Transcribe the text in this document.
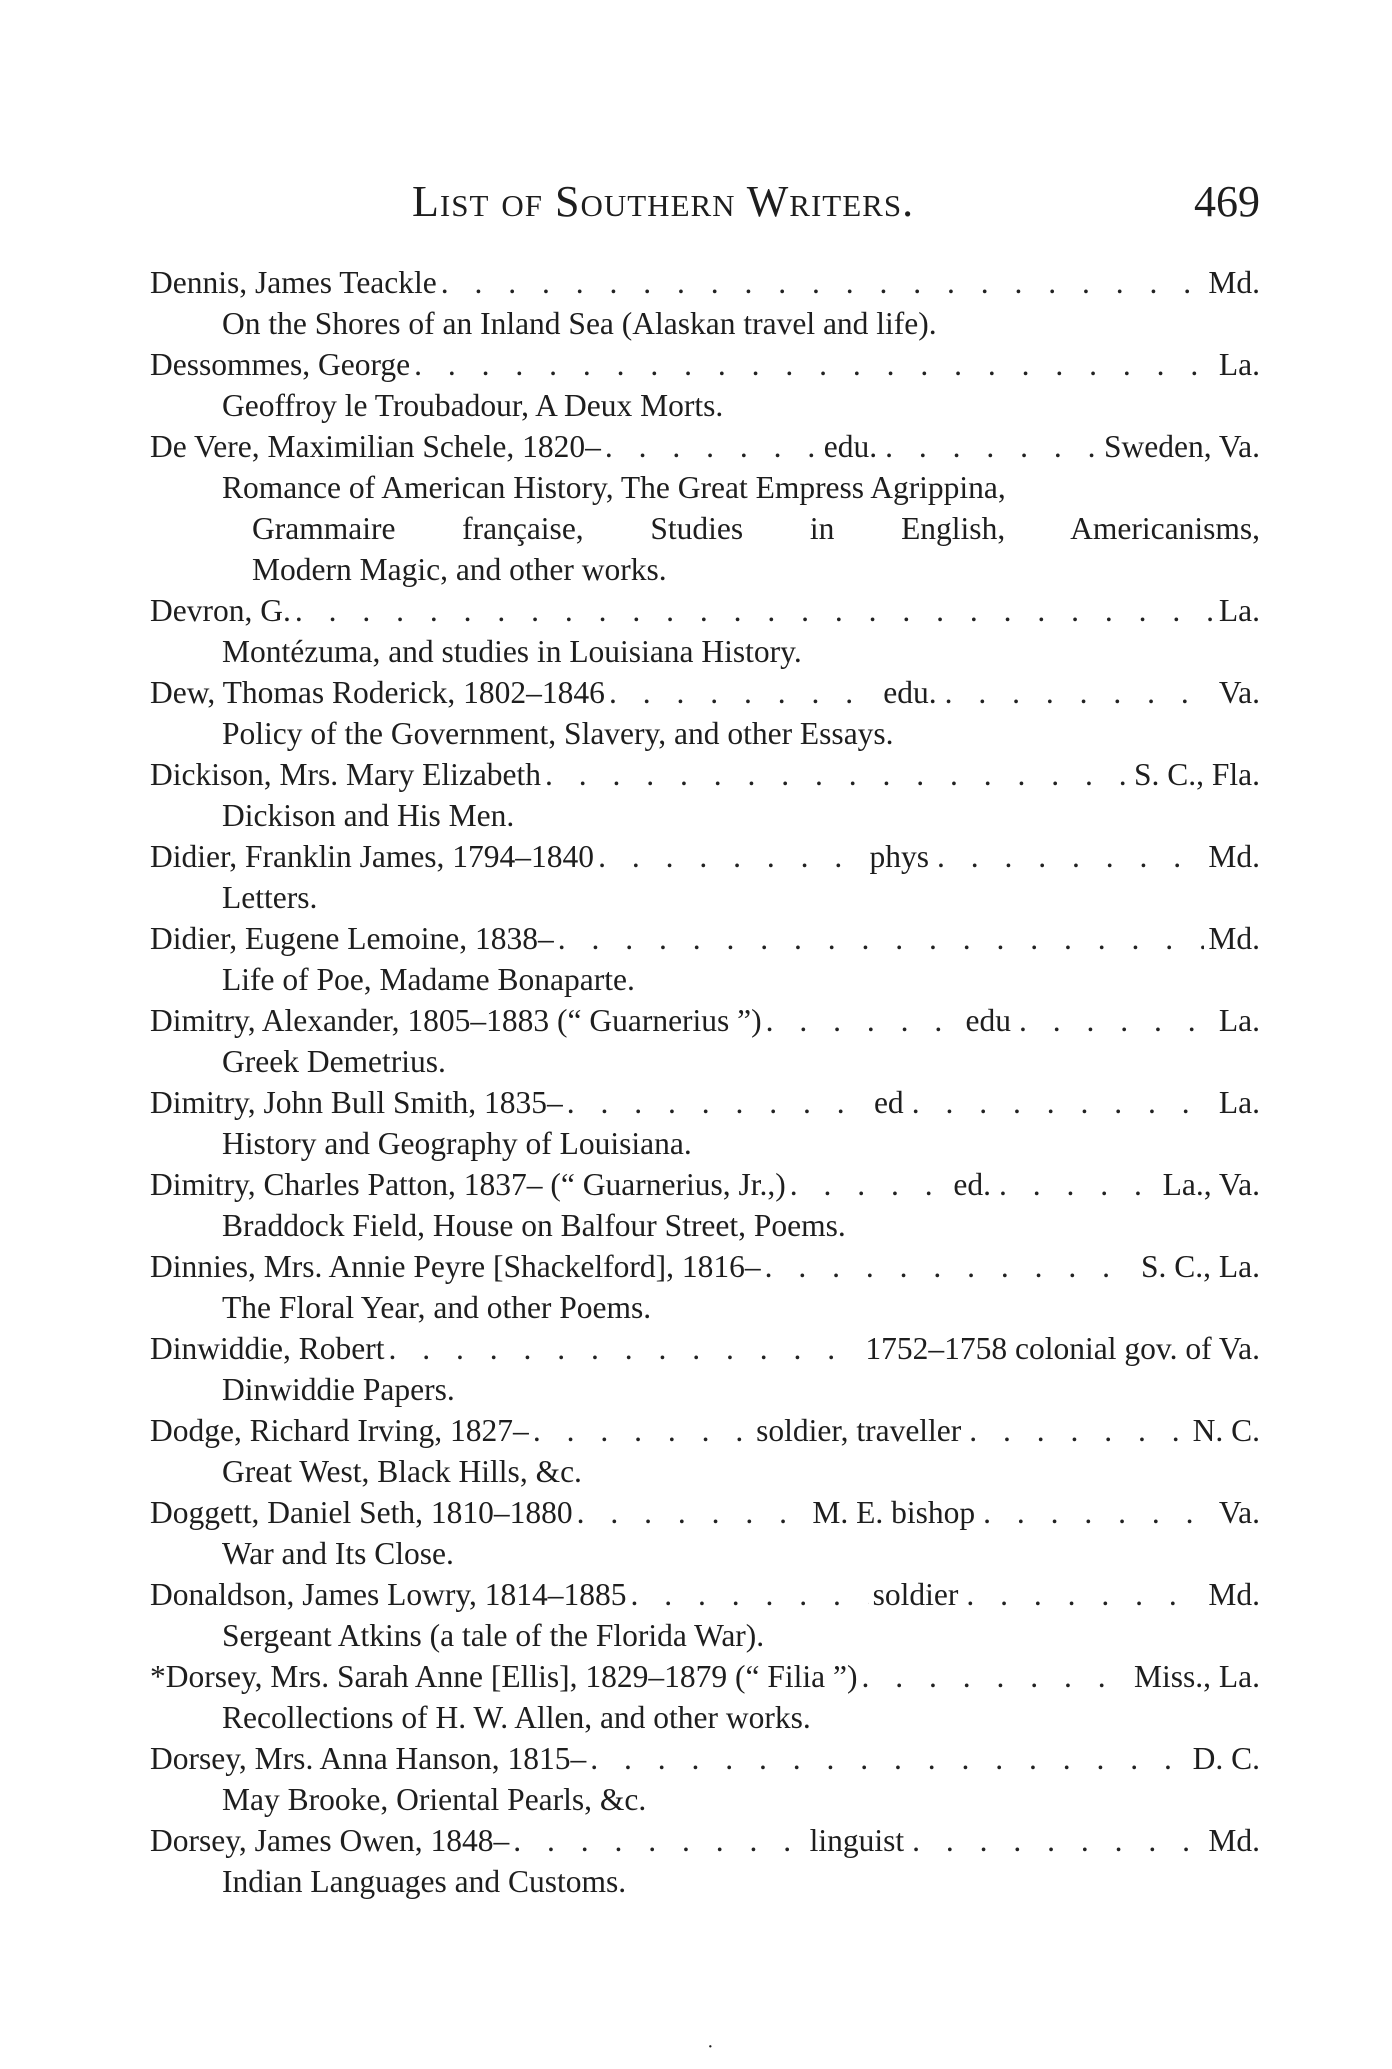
List of Southern Writers.	469
Dennis, James Teackle . . .	Md.
On the Shores of an Inland Sea (Alaskan travel and life).
Dessommes, George . . .	La.
Geoffroy le Troubadour, A Deux Morts.
De Vere, Maximilian Schele, 1820– . . .	edu. . . .	Sweden, Va.
Romance of American History, The Great Empress Agrippina,
Grammaire française, Studies in English, Americanisms,
Modern Magic, and other works.
Devron, G. . . .	La.
Montézuma, and studies in Louisiana History.
Dew, Thomas Roderick, 1802–1846 . . .	edu. . . .	Va.
Policy of the Government, Slavery, and other Essays.
Dickison, Mrs. Mary Elizabeth . . .	S. C., Fla.
Dickison and His Men.
Didier, Franklin James, 1794–1840 . . .	phys . . .	Md.
Letters.
Didier, Eugene Lemoine, 1838– . . .	Md.
Life of Poe, Madame Bonaparte.
Dimitry, Alexander, 1805–1883 (“ Guarnerius ”) . . .	edu . . .	La.
Greek Demetrius.
Dimitry, John Bull Smith, 1835– . . .	ed . . .	La.
History and Geography of Louisiana.
Dimitry, Charles Patton, 1837– (“ Guarnerius, Jr.,) . . .	ed. . . .	La., Va.
Braddock Field, House on Balfour Street, Poems.
Dinnies, Mrs. Annie Peyre [Shackelford], 1816– . . .	S. C., La.
The Floral Year, and other Poems.
Dinwiddie, Robert . . .	1752–1758 colonial gov. of Va.
Dinwiddie Papers.
Dodge, Richard Irving, 1827– . . .	soldier, traveller . . .	N. C.
Great West, Black Hills, &c.
Doggett, Daniel Seth, 1810–1880 . . .	M. E. bishop . . .	Va.
War and Its Close.
Donaldson, James Lowry, 1814–1885 . . .	soldier . . .	Md.
Sergeant Atkins (a tale of the Florida War).
*Dorsey, Mrs. Sarah Anne [Ellis], 1829–1879 (“ Filia ”) . . .	Miss., La.
Recollections of H. W. Allen, and other works.
Dorsey, Mrs. Anna Hanson, 1815– . . .	D. C.
May Brooke, Oriental Pearls, &c.
Dorsey, James Owen, 1848– . . .	linguist . . .	Md.
Indian Languages and Customs.
·
